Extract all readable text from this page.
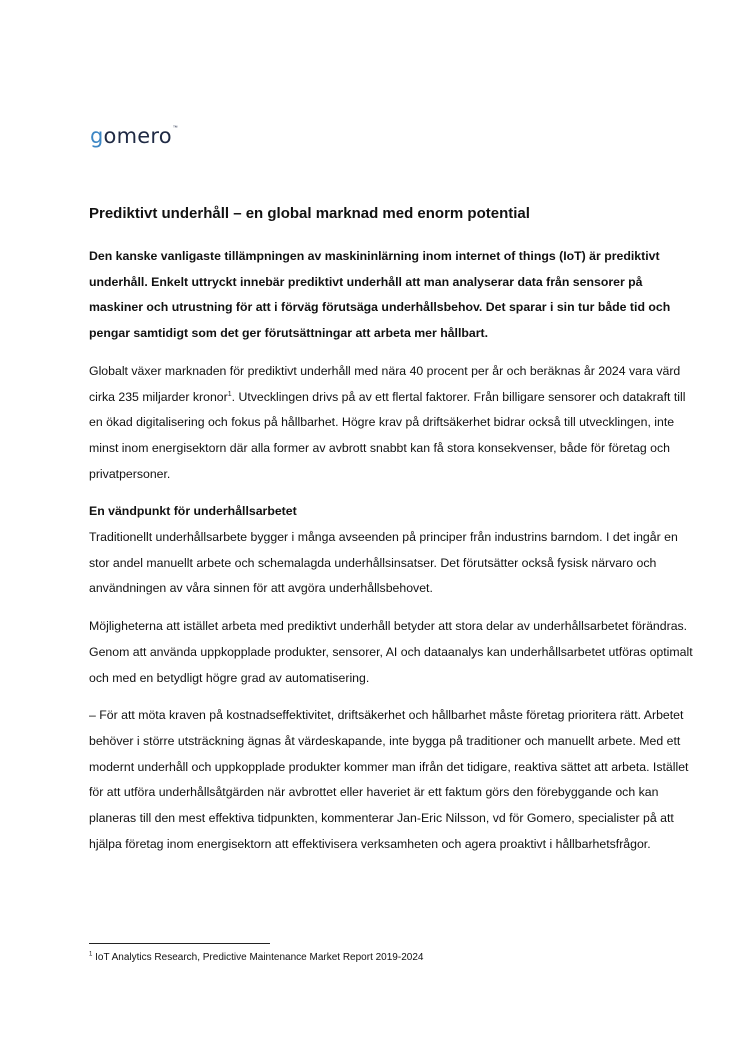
gomero ™
Prediktivt underhåll – en global marknad med enorm potential

Den kanske vanligaste tillämpningen av maskininlärning inom internet of things (IoT) är prediktivt underhåll. Enkelt uttryckt innebär prediktivt underhåll att man analyserar data från sensorer på maskiner och utrustning för att i förväg förutsäga underhållsbehov. Det sparar i sin tur både tid och pengar samtidigt som det ger förutsättningar att arbeta mer hållbart.

Globalt växer marknaden för prediktivt underhåll med nära 40 procent per år och beräknas år 2024 vara värd cirka 235 miljarder kronor$^1$. Utvecklingen drivs på av ett flertal faktorer. Från billigare sensorer och datakraft till en ökad digitalisering och fokus på hållbarhet. Högre krav på driftsäkerhet bidrar också till utvecklingen, inte minst inom energisektorn där alla former av avbrott snabbt kan få stora konsekvenser, både för företag och privatpersoner.

En vändpunkt för underhållsarbetet

Traditionellt underhållsarbete bygger i många avseenden på principer från industrins barndom. I det ingår en stor andel manuellt arbete och schemalagda underhållsinsatser. Det förutsätter också fysisk närvaro och användningen av våra sinnen för att avgöra underhållsbehovet.

Möjligheterna att istället arbeta med prediktivt underhåll betyder att stora delar av underhållsarbetet förändras. Genom att använda uppkopplade produkter, sensorer, AI och dataanalys kan underhållsarbetet utföras optimalt och med en betydligt högre grad av automatisering.

– För att möta kraven på kostnadseffektivitet, driftsäkerhet och hållbarhet måste företag prioritera rätt. Arbetet behöver i större utsträckning ägnas åt värdeskapande, inte bygga på traditioner och manuellt arbete. Med ett modernt underhåll och uppkopplade produkter kommer man ifrån det tidigare, reaktiva sättet att arbeta. Istället för att utföra underhållsåtgärden när avbrottet eller haveriet är ett faktum görs den förebyggande och kan planeras till den mest effektiva tidpunkten, kommenterar Jan-Eric Nilsson, vd för Gomero, specialister på att hjälpa företag inom energisektorn att effektivisera verksamheten och agera proaktivt i hållbarhetsfrågor.

$^1$ IoT Analytics Research, Predictive Maintenance Market Report 2019-2024
